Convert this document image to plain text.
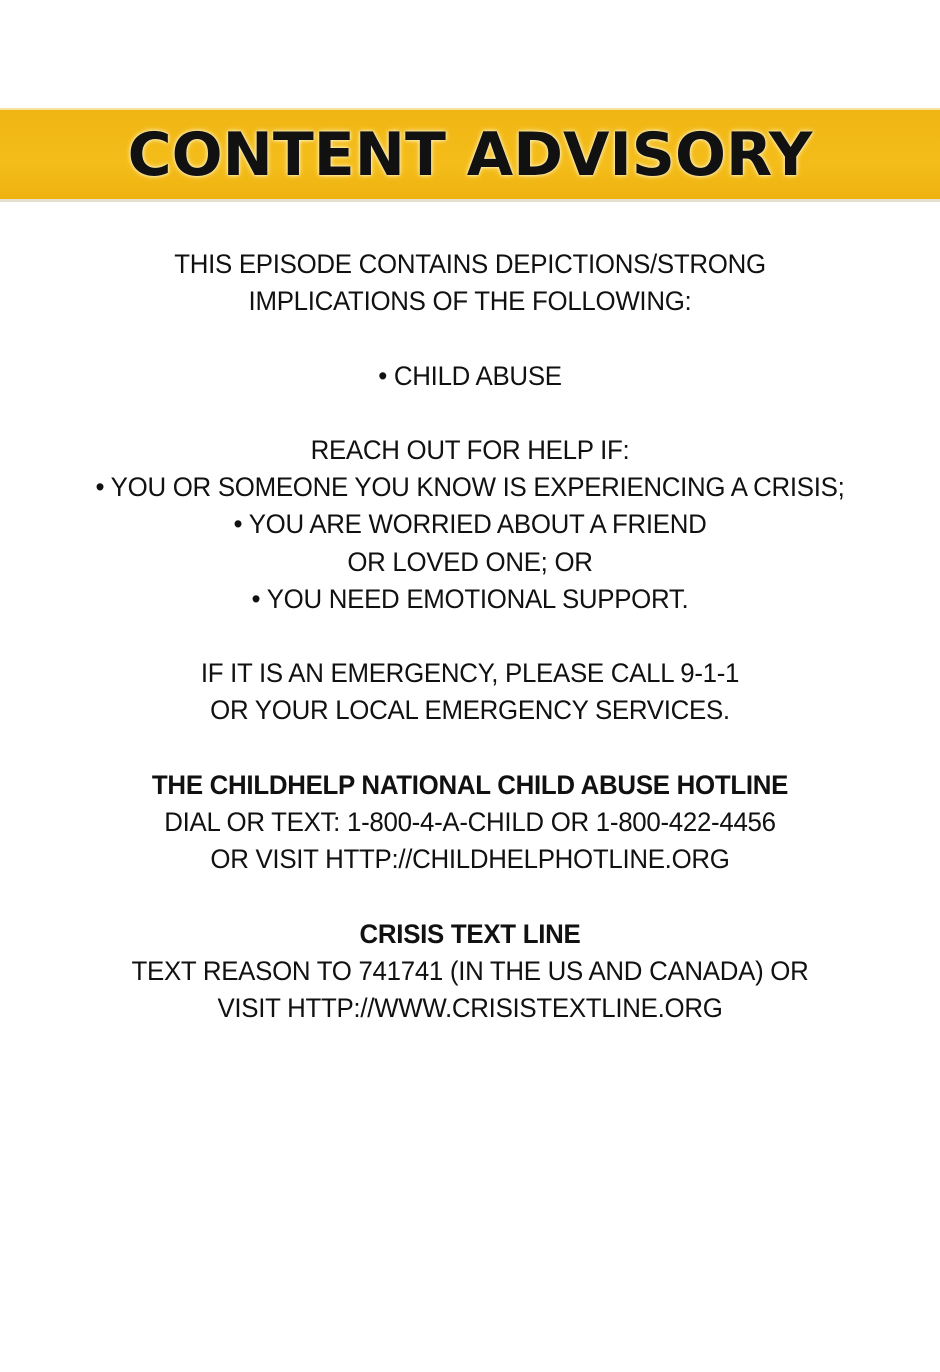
CONTENT ADVISORY
THIS EPISODE CONTAINS DEPICTIONS/STRONG
IMPLICATIONS OF THE FOLLOWING:
• CHILD ABUSE
REACH OUT FOR HELP IF:
• YOU OR SOMEONE YOU KNOW IS EXPERIENCING A CRISIS;
• YOU ARE WORRIED ABOUT A FRIEND
OR LOVED ONE; OR
• YOU NEED EMOTIONAL SUPPORT.
IF IT IS AN EMERGENCY, PLEASE CALL 9-1-1
OR YOUR LOCAL EMERGENCY SERVICES.
THE CHILDHELP NATIONAL CHILD ABUSE HOTLINE
DIAL OR TEXT: 1-800-4-A-CHILD OR 1-800-422-4456
OR VISIT HTTP://CHILDHELPHOTLINE.ORG
CRISIS TEXT LINE
TEXT REASON TO 741741 (IN THE US AND CANADA) OR
VISIT HTTP://WWW.CRISISTEXTLINE.ORG
